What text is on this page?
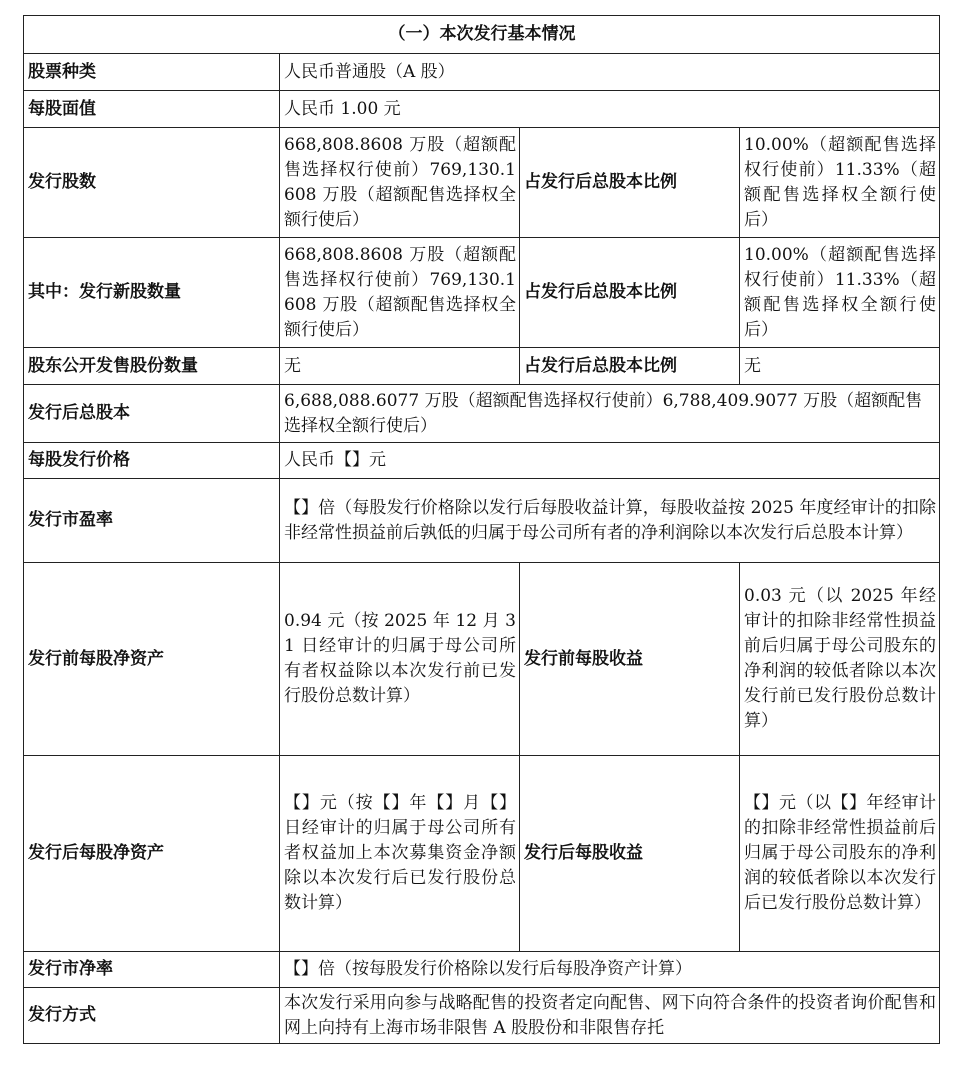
（一）本次发行基本情况			
股票种类	人民币普通股（A 股）		
每股面值	人民币 1.00 元		
发行股数	668,808.8608 万股（超额配售选择权行使前）769,130.1608 万股（超额配售选择权全额行使后）	占发行后总股本比例	10.00%（超额配售选择权行使前）11.33%（超额配售选择权全额行使后）
其中：发行新股数量	668,808.8608 万股（超额配售选择权行使前）769,130.1608 万股（超额配售选择权全额行使后）	占发行后总股本比例	10.00%（超额配售选择权行使前）11.33%（超额配售选择权全额行使后）
股东公开发售股份数量	无	占发行后总股本比例	无
发行后总股本	6,688,088.6077 万股（超额配售选择权行使前）6,788,409.9077 万股（超额配售选择权全额行使后）		
每股发行价格	人民币【】元		
发行市盈率	【】倍（每股发行价格除以发行后每股收益计算，每股收益按 2025 年度经审计的扣除非经常性损益前后孰低的归属于母公司所有者的净利润除以本次发行后总股本计算）		
发行前每股净资产	0.94 元（按 2025 年 12 月 31 日经审计的归属于母公司所有者权益除以本次发行前已发行股份总数计算）	发行前每股收益	0.03 元（以 2025 年经审计的扣除非经常性损益前后归属于母公司股东的净利润的较低者除以本次发行前已发行股份总数计算）
发行后每股净资产	【】元（按【】年【】月【】日经审计的归属于母公司所有者权益加上本次募集资金净额除以本次发行后已发行股份总数计算）	发行后每股收益	【】元（以【】年经审计的扣除非经常性损益前后归属于母公司股东的净利润的较低者除以本次发行后已发行股份总数计算）
发行市净率	【】倍（按每股发行价格除以发行后每股净资产计算）		
发行方式	本次发行采用向参与战略配售的投资者定向配售、网下向符合条件的投资者询价配售和网上向持有上海市场非限售 A 股股份和非限售存托		
